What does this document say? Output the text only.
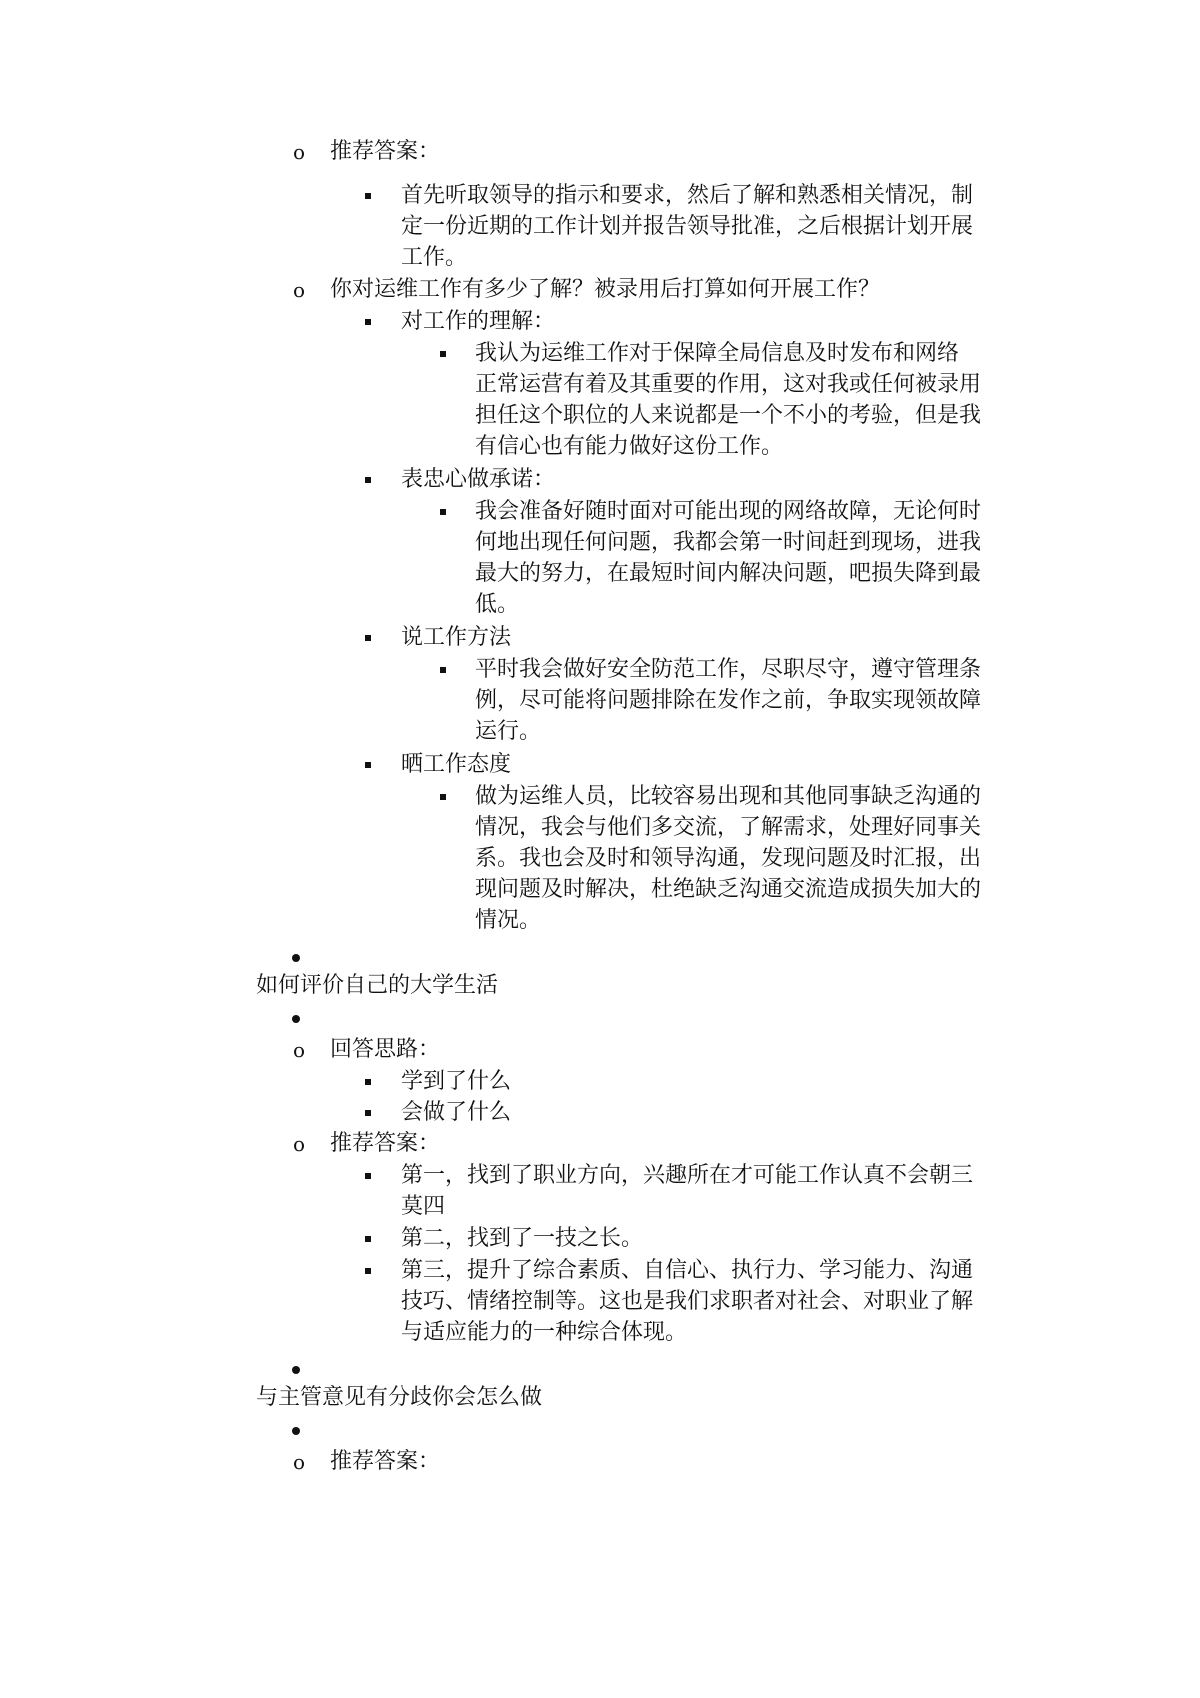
o 推荐答案：
首先听取领导的指示和要求，然后了解和熟悉相关情况，制
定一份近期的工作计划并报告领导批准，之后根据计划开展
工作。
o 你对运维工作有多少了解？被录用后打算如何开展工作？
对工作的理解：
我认为运维工作对于保障全局信息及时发布和网络
正常运营有着及其重要的作用，这对我或任何被录用
担任这个职位的人来说都是一个不小的考验，但是我
有信心也有能力做好这份工作。
表忠心做承诺：
我会准备好随时面对可能出现的网络故障，无论何时
何地出现任何问题，我都会第一时间赶到现场，进我
最大的努力，在最短时间内解决问题，吧损失降到最
低。
说工作方法
平时我会做好安全防范工作，尽职尽守，遵守管理条
例，尽可能将问题排除在发作之前，争取实现领故障
运行。
晒工作态度
做为运维人员，比较容易出现和其他同事缺乏沟通的
情况，我会与他们多交流，了解需求，处理好同事关
系。我也会及时和领导沟通，发现问题及时汇报，出
现问题及时解决，杜绝缺乏沟通交流造成损失加大的
情况。
如何评价自己的大学生活
o 回答思路：
学到了什么
会做了什么
o 推荐答案：
第一，找到了职业方向，兴趣所在才可能工作认真不会朝三
莫四
第二，找到了一技之长。
第三，提升了综合素质、自信心、执行力、学习能力、沟通
技巧、情绪控制等。这也是我们求职者对社会、对职业了解
与适应能力的一种综合体现。
与主管意见有分歧你会怎么做
o 推荐答案：
